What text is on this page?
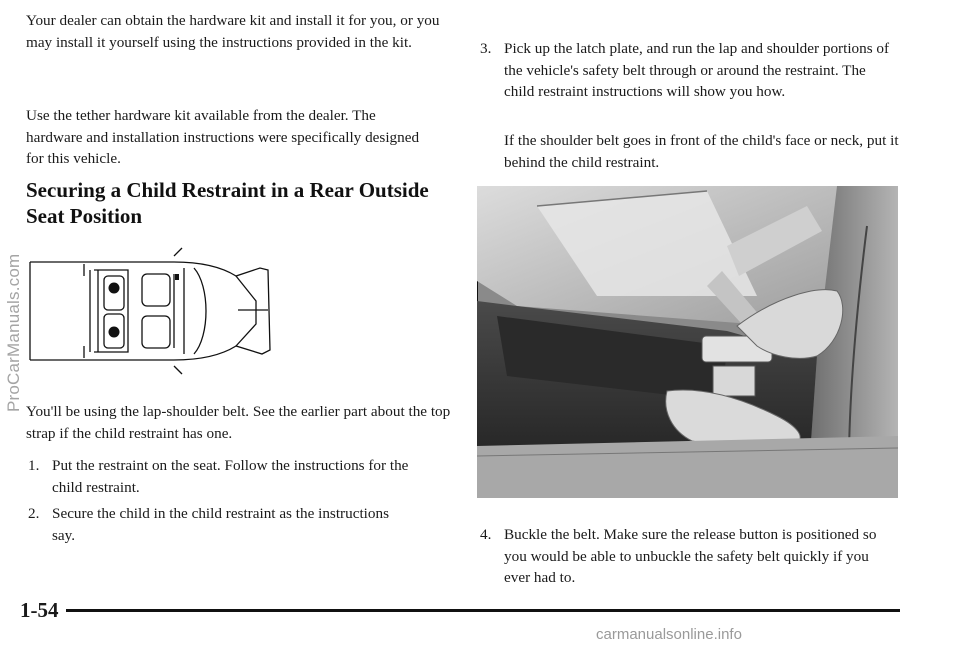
Your dealer can obtain the hardware kit and install it for you, or you may install it yourself using the instructions provided in the kit.

Use the tether hardware kit available from the dealer. The hardware and installation instructions were specifically designed for this vehicle.

Securing a Child Restraint in a Rear Outside Seat Position

You'll be using the lap-shoulder belt. See the earlier part about the top strap if the child restraint has one.

1. Put the restraint on the seat. Follow the instructions for the child restraint.
2. Secure the child in the child restraint as the instructions say.
3. Pick up the latch plate, and run the lap and shoulder portions of the vehicle's safety belt through or around the restraint. The child restraint instructions will show you how.

If the shoulder belt goes in front of the child's face or neck, put it behind the child restraint.

4. Buckle the belt. Make sure the release button is positioned so you would be able to unbuckle the safety belt quickly if you ever had to.
1-54
ProCarManuals.com
carmanualsonline.info
